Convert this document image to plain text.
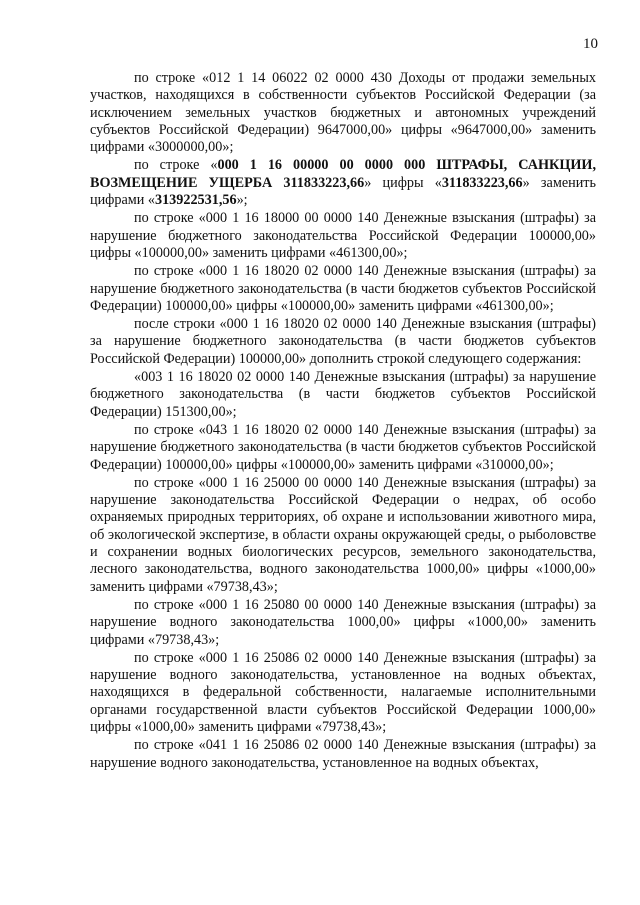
10

по строке «012 1 14 06022 02 0000 430 Доходы от продажи земельных участков, находящихся в собственности субъектов Российской Федерации (за исключением земельных участков бюджетных и автономных учреждений субъектов Российской Федерации) 9647000,00» цифры «9647000,00» заменить цифрами «3000000,00»;

по строке «000 1 16 00000 00 0000 000 ШТРАФЫ, САНКЦИИ, ВОЗМЕЩЕНИЕ УЩЕРБА 311833223,66» цифры «311833223,66» заменить цифрами «313922531,56»;

по строке «000 1 16 18000 00 0000 140 Денежные взыскания (штрафы) за нарушение бюджетного законодательства Российской Федерации 100000,00» цифры «100000,00» заменить цифрами «461300,00»;

по строке «000 1 16 18020 02 0000 140 Денежные взыскания (штрафы) за нарушение бюджетного законодательства (в части бюджетов субъектов Российской Федерации) 100000,00» цифры «100000,00» заменить цифрами «461300,00»;

после строки «000 1 16 18020 02 0000 140 Денежные взыскания (штрафы) за нарушение бюджетного законодательства (в части бюджетов субъектов Российской Федерации) 100000,00» дополнить строкой следующего содержания:

«003 1 16 18020 02 0000 140 Денежные взыскания (штрафы) за нарушение бюджетного законодательства (в части бюджетов субъектов Российской Федерации) 151300,00»;

по строке «043 1 16 18020 02 0000 140 Денежные взыскания (штрафы) за нарушение бюджетного законодательства (в части бюджетов субъектов Российской Федерации) 100000,00» цифры «100000,00» заменить цифрами «310000,00»;

по строке «000 1 16 25000 00 0000 140 Денежные взыскания (штрафы) за нарушение законодательства Российской Федерации о недрах, об особо охраняемых природных территориях, об охране и использовании животного мира, об экологической экспертизе, в области охраны окружающей среды, о рыболовстве и сохранении водных биологических ресурсов, земельного законодательства, лесного законодательства, водного законодательства 1000,00» цифры «1000,00» заменить цифрами «79738,43»;

по строке «000 1 16 25080 00 0000 140 Денежные взыскания (штрафы) за нарушение водного законодательства 1000,00» цифры «1000,00» заменить цифрами «79738,43»;

по строке «000 1 16 25086 02 0000 140 Денежные взыскания (штрафы) за нарушение водного законодательства, установленное на водных объектах, находящихся в федеральной собственности, налагаемые исполнительными органами государственной власти субъектов Российской Федерации 1000,00» цифры «1000,00» заменить цифрами «79738,43»;

по строке «041 1 16 25086 02 0000 140 Денежные взыскания (штрафы) за нарушение водного законодательства, установленное на водных объектах,
